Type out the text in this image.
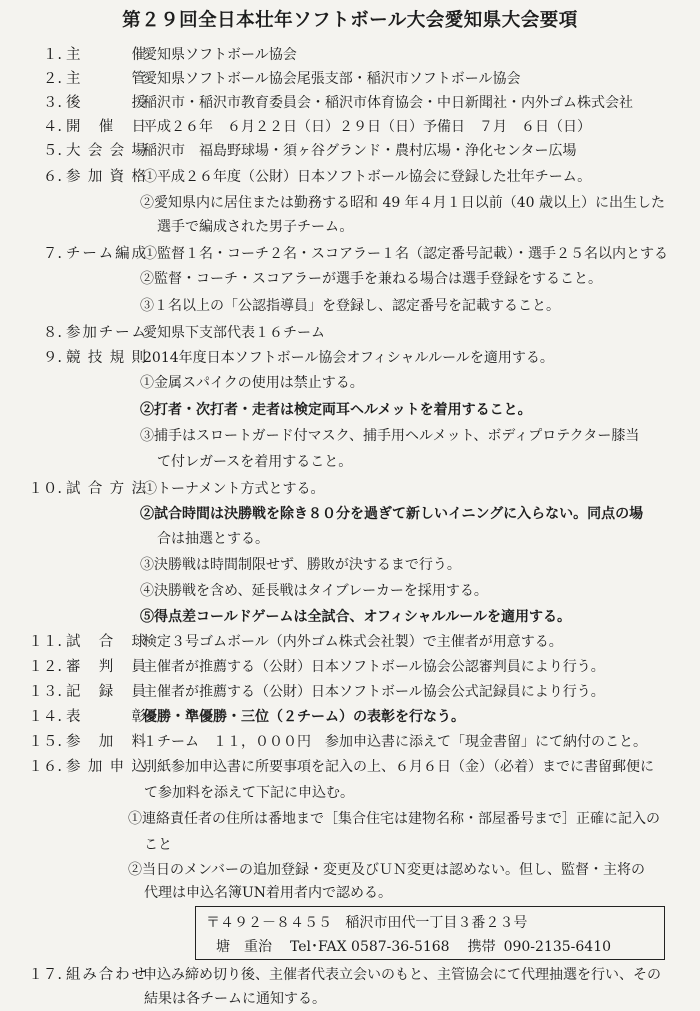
第２９回全日本壮年ソフトボール大会愛知県大会要項
１. 主	催
愛知県ソフトボール協会
２. 主	管
愛知県ソフトボール協会尾張支部・稲沢市ソフトボール協会
３. 後	援
稲沢市・稲沢市教育委員会・稲沢市体育協会・中日新聞社・内外ゴム株式会社
４. 開 催 日
平成２６年　６月２２日（日）２９日（日）予備日　７月　６日（日）
５. 大 会 会 場
稲沢市　福島野球場・須ヶ谷グランド・農村広場・浄化センター広場
６. 参 加 資 格
①平成２６年度（公財）日本ソフトボール協会に登録した壮年チーム。
②愛知県内に居住または勤務する昭和 49 年４月１日以前（40 歳以上）に出生した
選手で編成された男子チーム。
７. チ ー ム 編 成
①監督１名・コーチ２名・スコアラー１名（認定番号記載）・選手２５名以内とする
②監督・コーチ・スコアラーが選手を兼ねる場合は選手登録をすること。
③１名以上の「公認指導員」を登録し、認定番号を記載すること。
８. 参 加 チ ー ム
愛知県下支部代表１６チーム
９. 競 技 規 則
2014年度日本ソフトボール協会オフィシャルルールを適用する。
①金属スパイクの使用は禁止する。
②打者・次打者・走者は検定両耳ヘルメットを着用すること。
③捕手はスロートガード付マスク、捕手用ヘルメット、ボディプロテクター膝当
て付レガースを着用すること。
１０. 試 合 方 法
①トーナメント方式とする。
②試合時間は決勝戦を除き８０分を過ぎて新しいイニングに入らない。同点の場
合は抽選とする。
③決勝戦は時間制限せず、勝敗が決するまで行う。
④決勝戦を含め、延長戦はタイブレーカーを採用する。
⑤得点差コールドゲームは全試合、オフィシャルルールを適用する。
１１. 試 合 球
検定３号ゴムボール（内外ゴム株式会社製）で主催者が用意する。
１２. 審 判 員
主催者が推薦する（公財）日本ソフトボール協会公認審判員により行う。
１３. 記 録 員
主催者が推薦する（公財）日本ソフトボール協会公式記録員により行う。
１４. 表	彰
優勝・準優勝・三位（２チーム）の表彰を行なう。
１５. 参 加 料
１チーム　１１，０００円　参加申込書に添えて「現金書留」にて納付のこと。
１６. 参 加 申 込
別紙参加申込書に所要事項を記入の上、６月６日（金）（必着）までに書留郵便に
て参加料を添えて下記に申込む。
①連絡責任者の住所は番地まで［集合住宅は建物名称・部屋番号まで］正確に記入の
こと
②当日のメンバーの追加登録・変更及びＵＮ変更は認めない。但し、監督・主将の
代理は申込名簿UN着用者内で認める。
〒４９２－８４５５ 稲沢市田代一丁目３番２３号
塘　重治 Tel･FAX 0587-36-5168 携帯 090-2135-6410
１７. 組 み 合 わ せ
申込み締め切り後、主催者代表立会いのもと、主管協会にて代理抽選を行い、その
結果は各チームに通知する。
